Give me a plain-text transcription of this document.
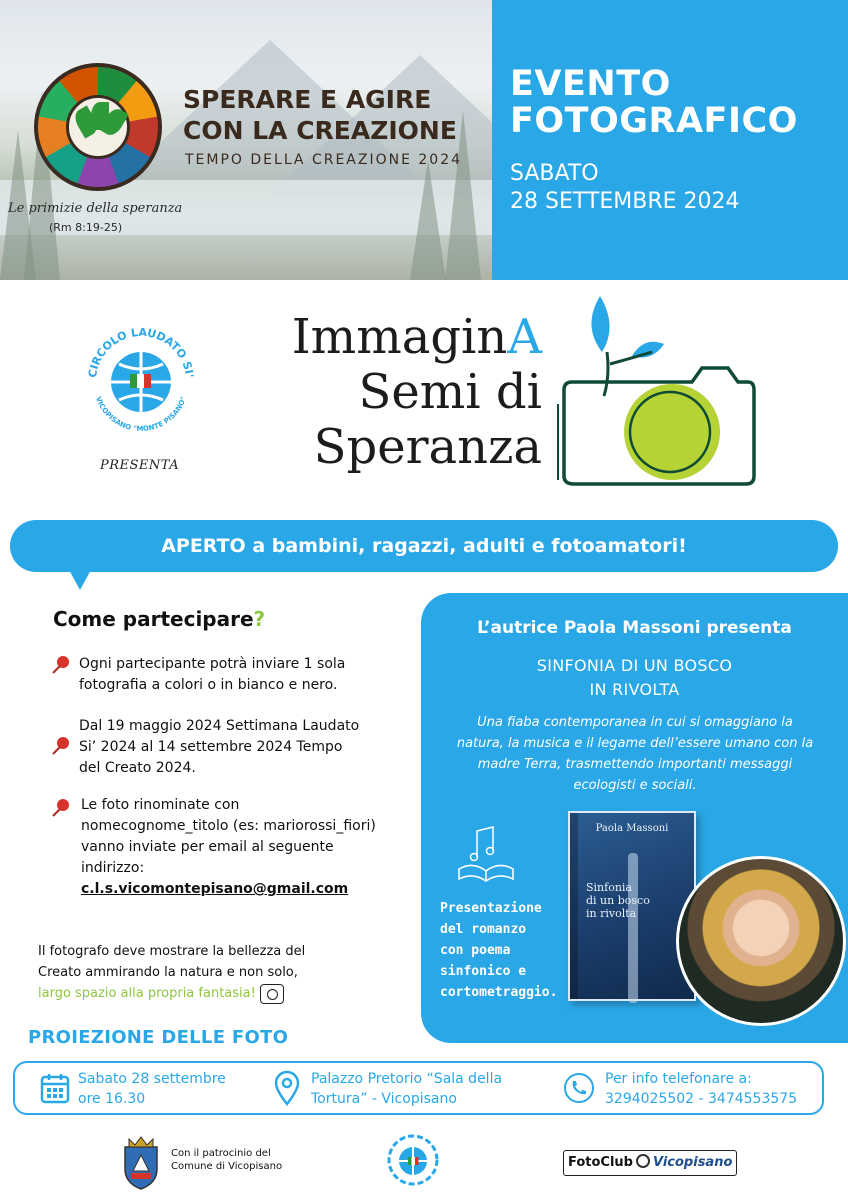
SPERARE E AGIRE
CON LA CREAZIONE
TEMPO DELLA CREAZIONE 2024
Le primizie della speranza
(Rm 8:19-25)
EVENTO
FOTOGRAFICO
SABATO
28 SETTEMBRE 2024
CIRCOLO LAUDATO SI'
VICOPISANO "MONTE PISANO"
PRESENTA
ImmaginA
Semi di
Speranza
APERTO a bambini, ragazzi, adulti e fotoamatori!
Come partecipare?
Ogni partecipante potrà inviare 1 sola
fotografia a colori o in bianco e nero.
Dal 19 maggio 2024 Settimana Laudato
Si’ 2024 al 14 settembre 2024 Tempo
del Creato 2024.
Le foto rinominate con
nomecognome_titolo (es: mariorossi_fiori)
vanno inviate per email al seguente
indirizzo:
c.l.s.vicomontepisano@gmail.com
Il fotografo deve mostrare la bellezza del
Creato ammirando la natura e non solo,
largo spazio alla propria fantasia!
L’autrice Paola Massoni presenta
SINFONIA DI UN BOSCO
IN RIVOLTA
Una fiaba contemporanea in cui si omaggiano la
natura, la musica e il legame dell’essere umano con la
madre Terra, trasmettendo importanti messaggi
ecologisti e sociali.
Presentazione
del romanzo
con poema
sinfonico e
cortometraggio.
Paola Massoni
Sinfonia
di un bosco
in rivolta
PROIEZIONE DELLE FOTO
Sabato 28 settembre
ore 16.30
Palazzo Pretorio “Sala della
Tortura” - Vicopisano
Per info telefonare a:
3294025502 - 3474553575
Con il patrocinio del
Comune di Vicopisano	FotoClub Vicopisano
